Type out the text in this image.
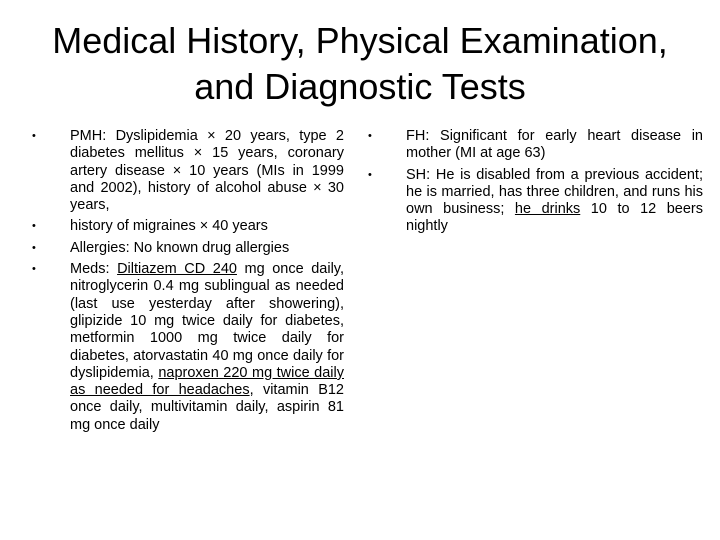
Medical History, Physical Examination,
and Diagnostic Tests
• PMH: Dyslipidemia × 20 years, type 2 diabetes mellitus × 15 years, coronary artery disease × 10 years (MIs in 1999 and 2002), history of alcohol abuse × 30 years,
• history of migraines × 40 years
• Allergies: No known drug allergies
• Meds: Diltiazem CD 240 mg once daily, nitroglycerin 0.4 mg sublingual as needed (last use yesterday after showering), glipizide 10 mg twice daily for diabetes, metformin 1000 mg twice daily for diabetes, atorvastatin 40 mg once daily for dyslipidemia, naproxen 220 mg twice daily as needed for headaches, vitamin B12 once daily, multivitamin daily, aspirin 81 mg once daily
• FH: Significant for early heart disease in mother (MI at age 63)
• SH: He is disabled from a previous accident; he is married, has three children, and runs his own business; he drinks 10 to 12 beers nightly
